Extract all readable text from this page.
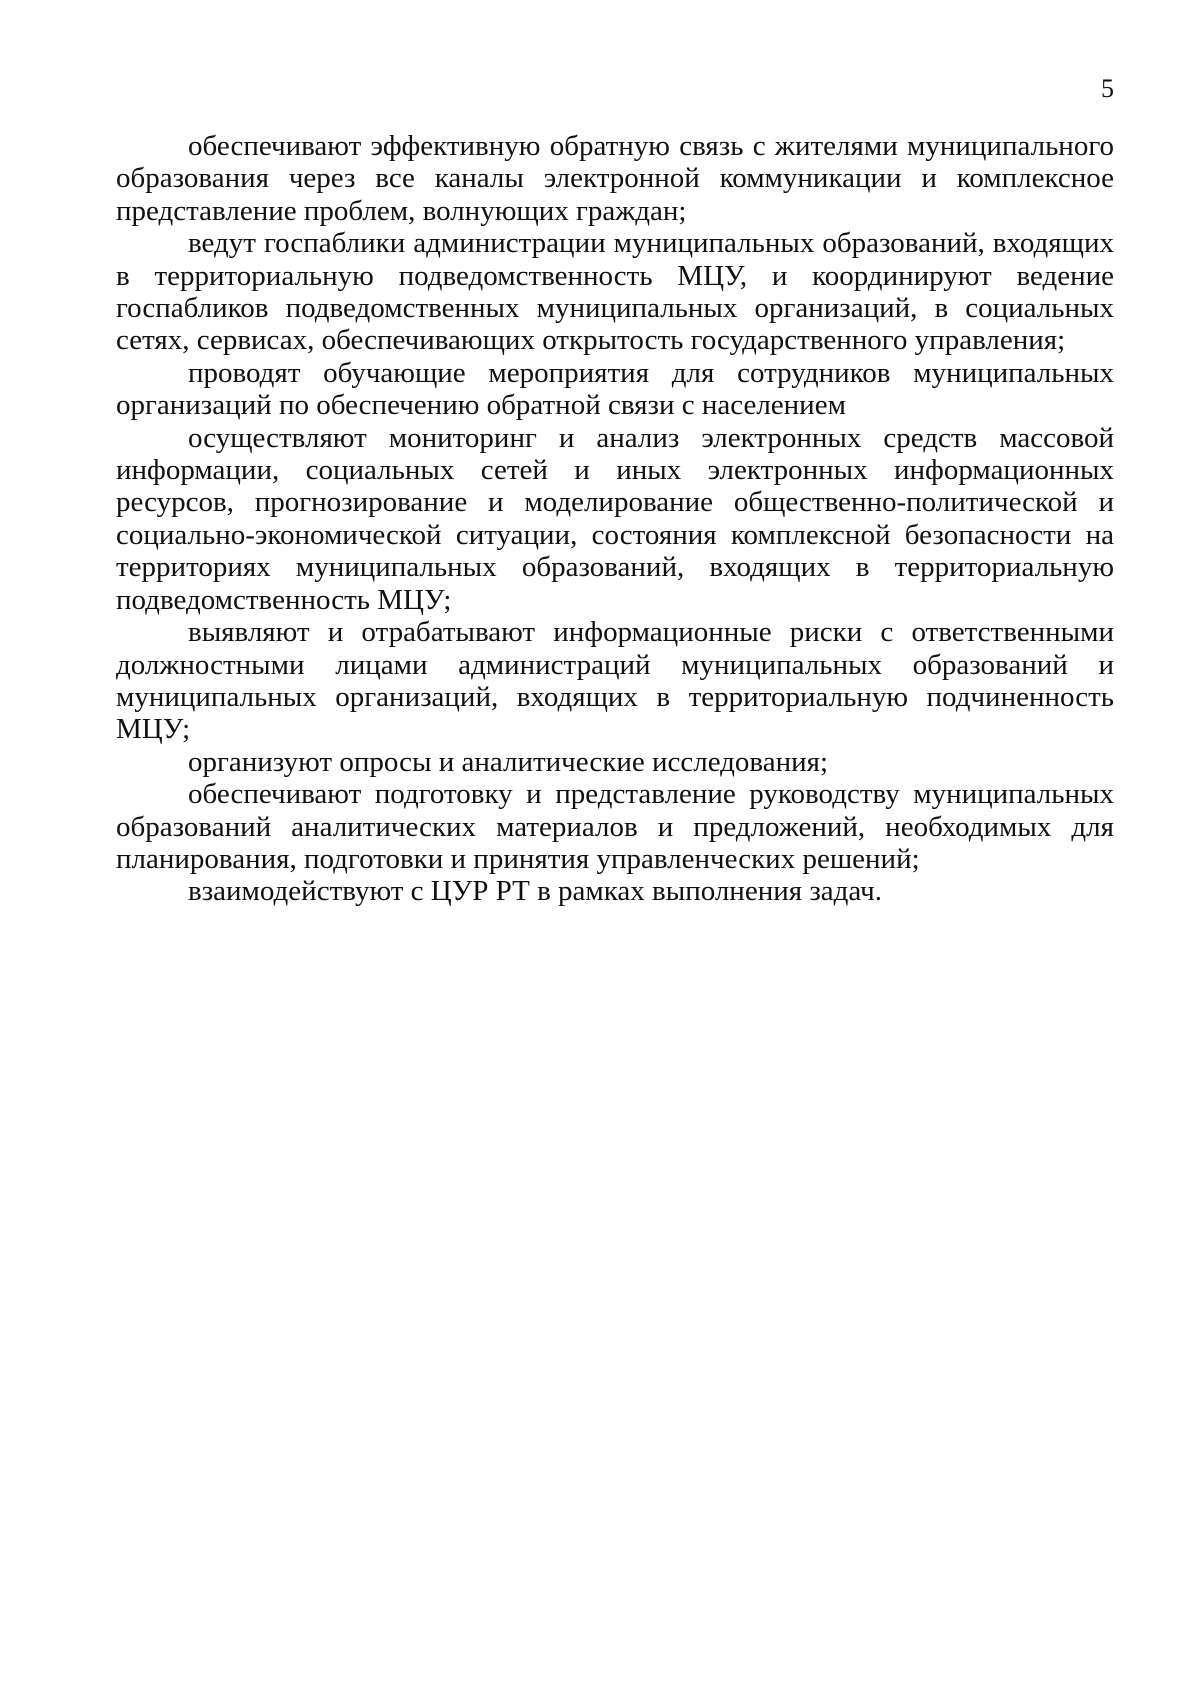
5

обеспечивают эффективную обратную связь с жителями муниципального образования через все каналы электронной коммуникации и комплексное представление проблем, волнующих граждан;

ведут госпаблики администрации муниципальных образований, входящих в территориальную подведомственность МЦУ, и координируют ведение госпабликов подведомственных муниципальных организаций, в социальных сетях, сервисах, обеспечивающих открытость государственного управления;

проводят обучающие мероприятия для сотрудников муниципальных организаций по обеспечению обратной связи с населением

осуществляют мониторинг и анализ электронных средств массовой информации, социальных сетей и иных электронных информационных ресурсов, прогнозирование и моделирование общественно-политической и социально-экономической ситуации, состояния комплексной безопасности на территориях муниципальных образований, входящих в территориальную подведомственность МЦУ;

выявляют и отрабатывают информационные риски с ответственными должностными лицами администраций муниципальных образований и муниципальных организаций, входящих в территориальную подчиненность МЦУ;

организуют опросы и аналитические исследования;

обеспечивают подготовку и представление руководству муниципальных образований аналитических материалов и предложений, необходимых для планирования, подготовки и принятия управленческих решений;

взаимодействуют с ЦУР РТ в рамках выполнения задач.
